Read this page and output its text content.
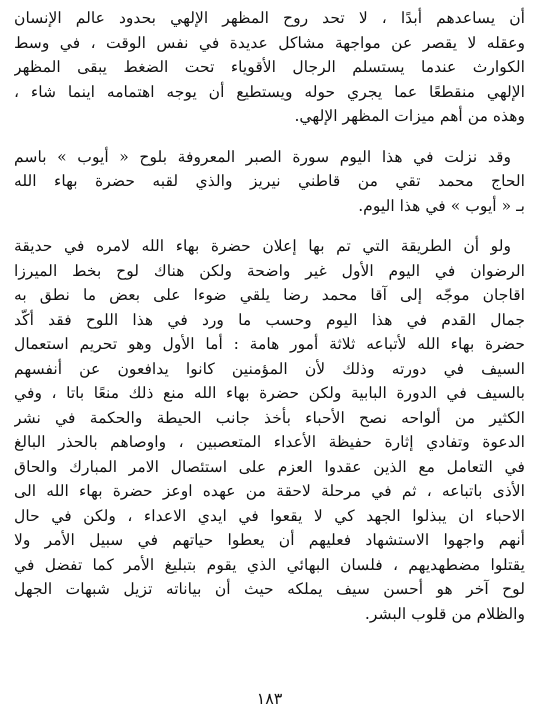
أن يساعدهم أبدًا ، لا تحد روح المظهر الإلهي بحدود عالم الإنسان
وعقله لا يقصر عن مواجهة مشاكل عديدة في نفس الوقت ، في وسط
الكوارث عندما يستسلم الرجال الأقوياء تحت الضغط يبقى المظهر
الإلهي منقطعًا عما يجري حوله ويستطيع أن يوجه اهتمامه اينما شاء ،
وهذه من أهم ميزات المظهر الإلهي.
وقد نزلت في هذا اليوم سورة الصبر المعروفة بلوح « أيوب » باسم
الحاج محمد تقي من قاطني نيريز والذي لقبه حضرة بهاء الله
بـ « أيوب » في هذا اليوم.
ولو أن الطريقة التي تم بها إعلان حضرة بهاء الله لامره في حديقة
الرضوان في اليوم الأول غير واضحة ولكن هناك لوح بخط الميرزا
اقاجان موجّه إلى آقا محمد رضا يلقي ضوءا على بعض ما نطق به
جمال القدم في هذا اليوم وحسب ما ورد في هذا اللوح فقد أكّد
حضرة بهاء الله لأتباعه ثلاثة أمور هامة : أما الأول وهو تحريم استعمال
السيف في دورته وذلك لأن المؤمنين كانوا يدافعون عن أنفسهم
بالسيف في الدورة البابية ولكن حضرة بهاء الله منع ذلك منعًا باتا ، وفي
الكثير من ألواحه نصح الأحباء بأخذ جانب الحيطة والحكمة في نشر
الدعوة وتفادي إثارة حفيظة الأعداء المتعصبين ، واوصاهم بالحذر البالغ
في التعامل مع الذين عقدوا العزم على استئصال الامر المبارك والحاق
الأذى باتباعه ، ثم في مرحلة لاحقة من عهده اوعز حضرة بهاء الله الى
الاحباء ان يبذلوا الجهد كي لا يقعوا في ايدي الاعداء ، ولكن في حال
أنهم واجهوا الاستشهاد فعليهم أن يعطوا حياتهم في سبيل الأمر ولا
يقتلوا مضطهديهم ، فلسان البهائي الذي يقوم بتبليغ الأمر كما تفضل في
لوح آخر هو أحسن سيف يملكه حيث أن بياناته تزيل شبهات الجهل
والظلام من قلوب البشر.
١٨٣
